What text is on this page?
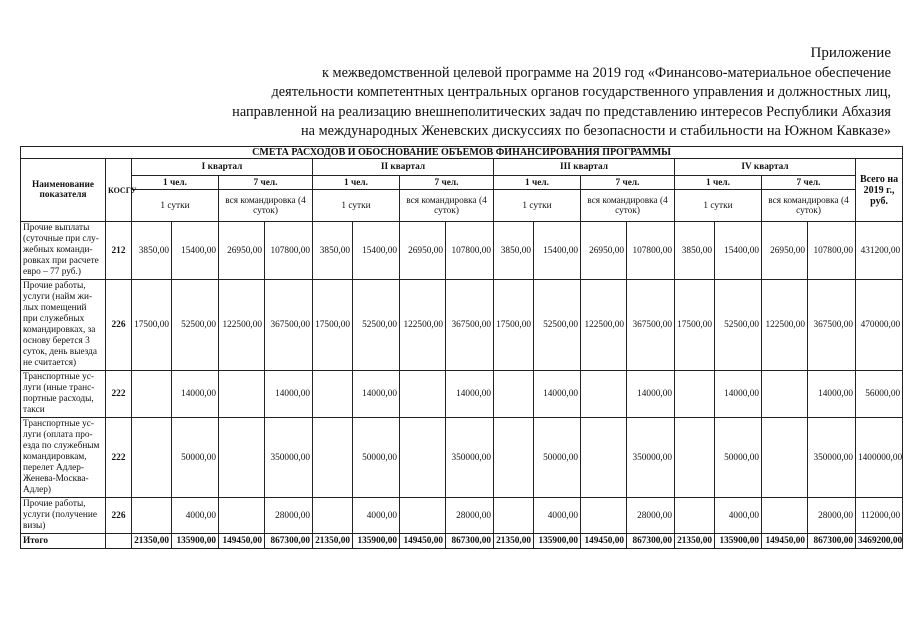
Приложение
к межведомственной целевой программе на 2019 год «Финансово-материальное обеспечение
деятельности компетентных центральных органов государственного управления и должностных лиц,
направленной на реализацию внешнеполитических задач по представлению интересов Республики Абхазия
на международных Женевских дискуссиях по безопасности и стабильности на Южном Кавказе»
СМЕТА РАСХОДОВ И ОБОСНОВАНИЕ ОБЪЕМОВ ФИНАНСИРОВАНИЯ ПРОГРАММЫ																		
Наименование показателя	КОСГУ	I квартал				II квартал				III квартал				IV квартал				Всего на 2019 г., руб.
		1 чел.		7 чел.		1 чел.		7 чел.		1 чел.		7 чел.		1 чел.		7 чел.		
		1 сутки		вся командировка (4 суток)		1 сутки		вся командировка (4 суток)		1 сутки		вся командировка (4 суток)		1 сутки		вся командировка (4 суток)		
Прочие выплаты (суточные при слу-жебных команди-ровках при расчете евро – 77 руб.)	212	3850,00	15400,00	26950,00	107800,00	3850,00	15400,00	26950,00	107800,00	3850,00	15400,00	26950,00	107800,00	3850,00	15400,00	26950,00	107800,00	431200,00
Прочие работы, услуги (найм жи-лых помещений при служебных командировках, за основу берется 3 суток, день выезда не считается)	226	17500,00	52500,00	122500,00	367500,00	17500,00	52500,00	122500,00	367500,00	17500,00	52500,00	122500,00	367500,00	17500,00	52500,00	122500,00	367500,00	470000,00
Транспортные ус-луги (иные транс-портные расходы, такси	222		14000,00		14000,00		14000,00		14000,00		14000,00		14000,00		14000,00		14000,00	56000,00
Транспортные ус-луги (оплата про-езда по служебным командировкам, перелет Адлер-Женева-Москва-Адлер)	222		50000,00		350000,00		50000,00		350000,00		50000,00		350000,00		50000,00		350000,00	1400000,00
Прочие работы, услуги (получение визы)	226		4000,00		28000,00		4000,00		28000,00		4000,00		28000,00		4000,00		28000,00	112000,00
Итого		21350,00	135900,00	149450,00	867300,00	21350,00	135900,00	149450,00	867300,00	21350,00	135900,00	149450,00	867300,00	21350,00	135900,00	149450,00	867300,00	3469200,00
